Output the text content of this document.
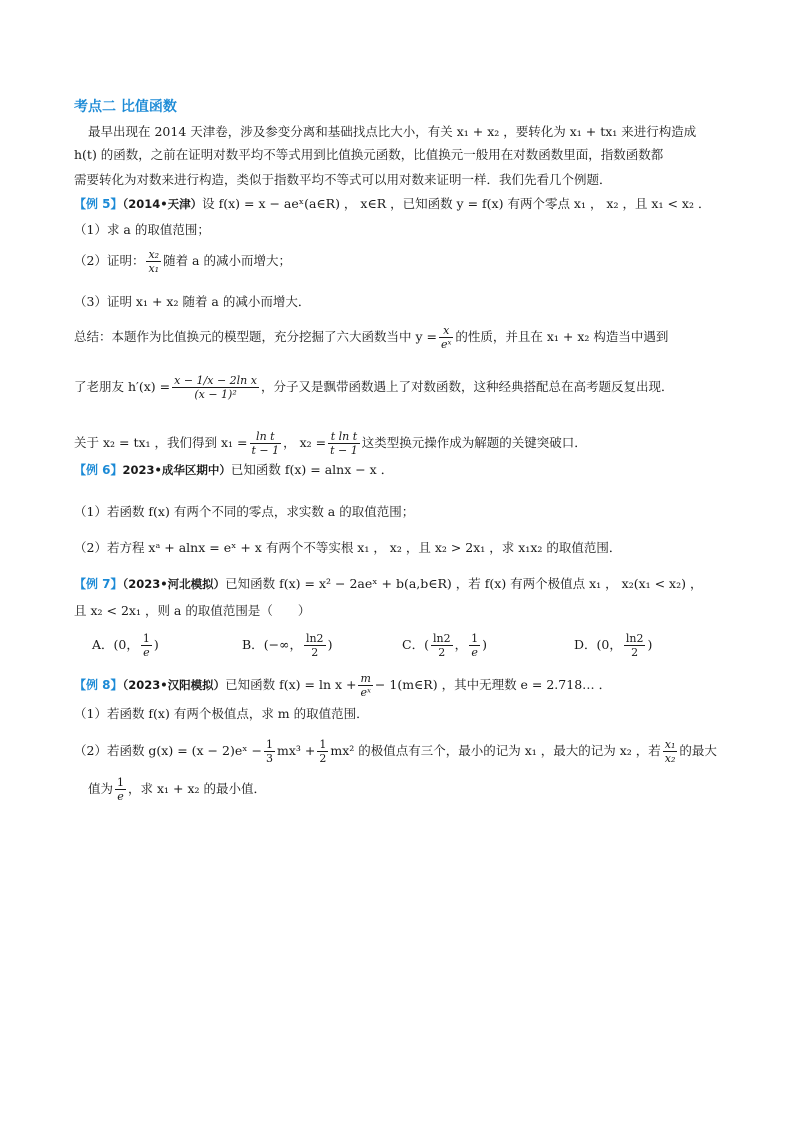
考点二 比值函数
最早出现在 2014 天津卷，涉及参变分离和基础找点比大小，有关 x₁ + x₂ ，要转化为 x₁ + tx₁ 来进行构造成
h(t) 的函数，之前在证明对数平均不等式用到比值换元函数，比值换元一般用在对数函数里面，指数函数都
需要转化为对数来进行构造，类似于指数平均不等式可以用对数来证明一样．我们先看几个例题．
【例 5】（2014•天津）设 f(x) = x − aeˣ(a∈R) ， x∈R ，已知函数 y = f(x) 有两个零点 x₁ ， x₂ ，且 x₁ < x₂ ．
（1）求 a 的取值范围；
（2）证明： $\frac{\text{x₂}}{\text{x₁}}$ 随着 a 的减小而增大；
（3）证明 x₁ + x₂ 随着 a 的减小而增大．
总结：本题作为比值换元的模型题，充分挖掘了六大函数当中 $y = \frac{x}{\text{eˣ}}$ 的性质，并且在 x₁ + x₂ 构造当中遇到
了老朋友 $h'(x) = \frac{\text{x − 1/x − 2ln x}}{\text{(x − 1)²}}$ ，分子又是飘带函数遇上了对数函数，这种经典搭配总在高考题反复出现．
关于 x₂ = tx₁ ，我们得到 $x_1 = \frac{\text{ln t}}{t - 1}$ ， $x_2 = \frac{\text{t ln t}}{t - 1}$ 这类型换元操作成为解题的关键突破口．
【例 6】2023•成华区期中）已知函数 f(x) = alnx − x ．
（1）若函数 f(x) 有两个不同的零点，求实数 a 的取值范围；
（2）若方程 xᵃ + alnx = eˣ + x 有两个不等实根 x₁ ， x₂ ，且 x₂ > 2x₁ ，求 x₁x₂ 的取值范围．
【例 7】（2023•河北模拟）已知函数 f(x) = x² − 2aeˣ + b(a,b∈R) ，若 f(x) 有两个极值点 x₁ ， x₂(x₁ < x₂) ，
且 x₂ < 2x₁ ，则 a 的取值范围是（　　）
A．(0， $\frac{1}{e}$ )	B．(−∞， $\frac{\ln 2}{2}$ )	C．( $\frac{\ln 2}{2}$ ， $\frac{1}{e}$ )	D．(0， $\frac{\ln 2}{2}$ )
【例 8】（2023•汉阳模拟）已知函数 $f(x) = \ln x + \frac{m}{\text{eˣ}}$ − 1(m∈R) ，其中无理数 e = 2.718… ．
（1）若函数 f(x) 有两个极值点，求 m 的取值范围．
（2）若函数 g(x) = (x − 2)eˣ − $\frac{1}{3} mx^3 + \frac{1}{2} mx^2$ 的极值点有三个，最小的记为 x₁ ，最大的记为 x₂ ，若 $\frac{\text{x₁}}{\text{x₂}}$ 的最大
值为 $\frac{1}{e}$ ，求 x₁ + x₂ 的最小值．
